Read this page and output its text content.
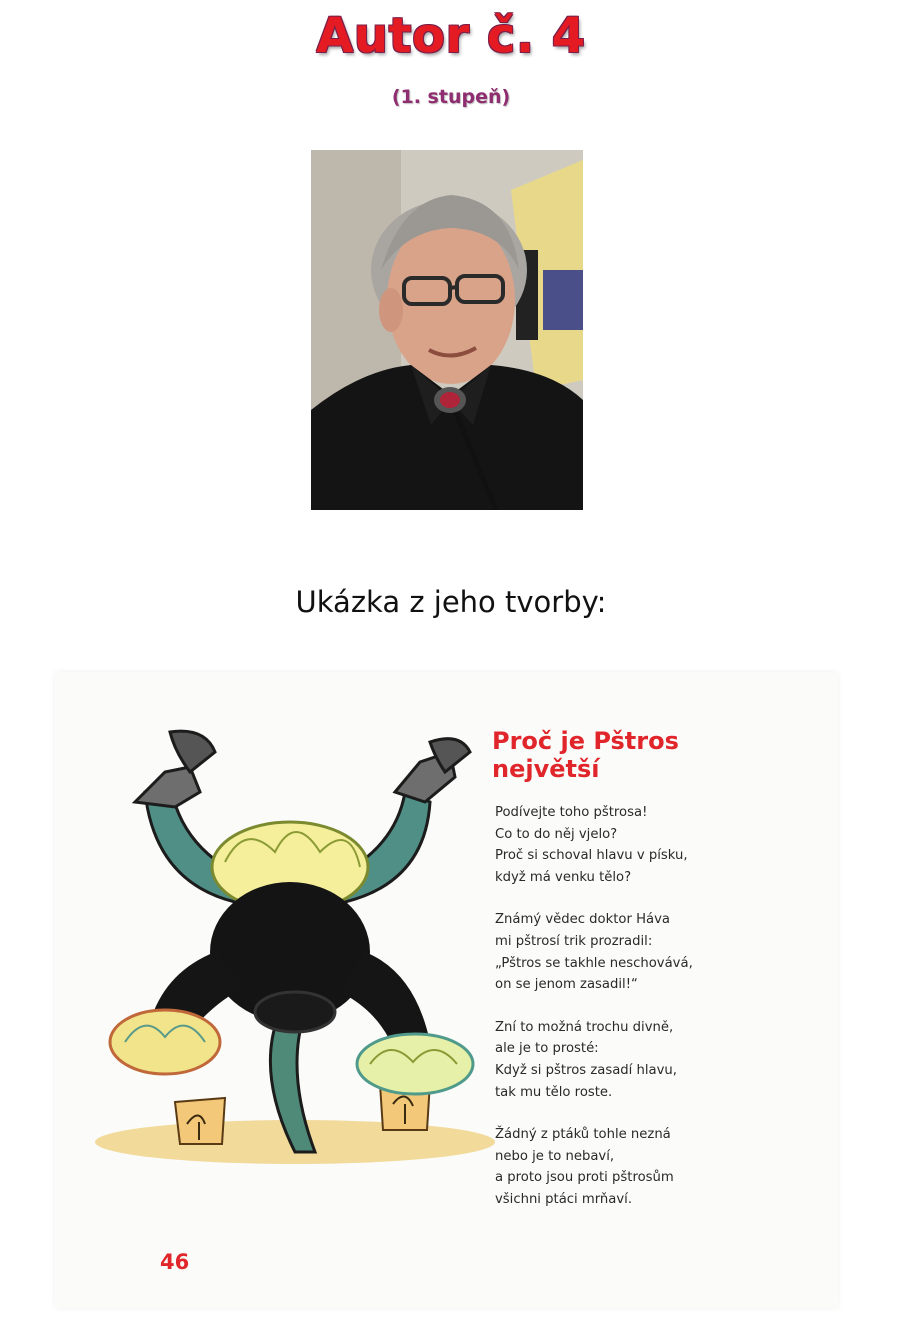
Autor č. 4
(1. stupeň)
Ukázka z jeho tvorby:
Proč je Pštros
největší
Podívejte toho pštrosa!
Co to do něj vjelo?
Proč si schoval hlavu v písku,
když má venku tělo?
Známý vědec doktor Háva
mi pštrosí trik prozradil:
„Pštros se takhle neschovává,
on se jenom zasadil!“
Zní to možná trochu divně,
ale je to prosté:
Když si pštros zasadí hlavu,
tak mu tělo roste.
Žádný z ptáků tohle nezná
nebo je to nebaví,
a proto jsou proti pštrosům
všichni ptáci mrňaví.
46
